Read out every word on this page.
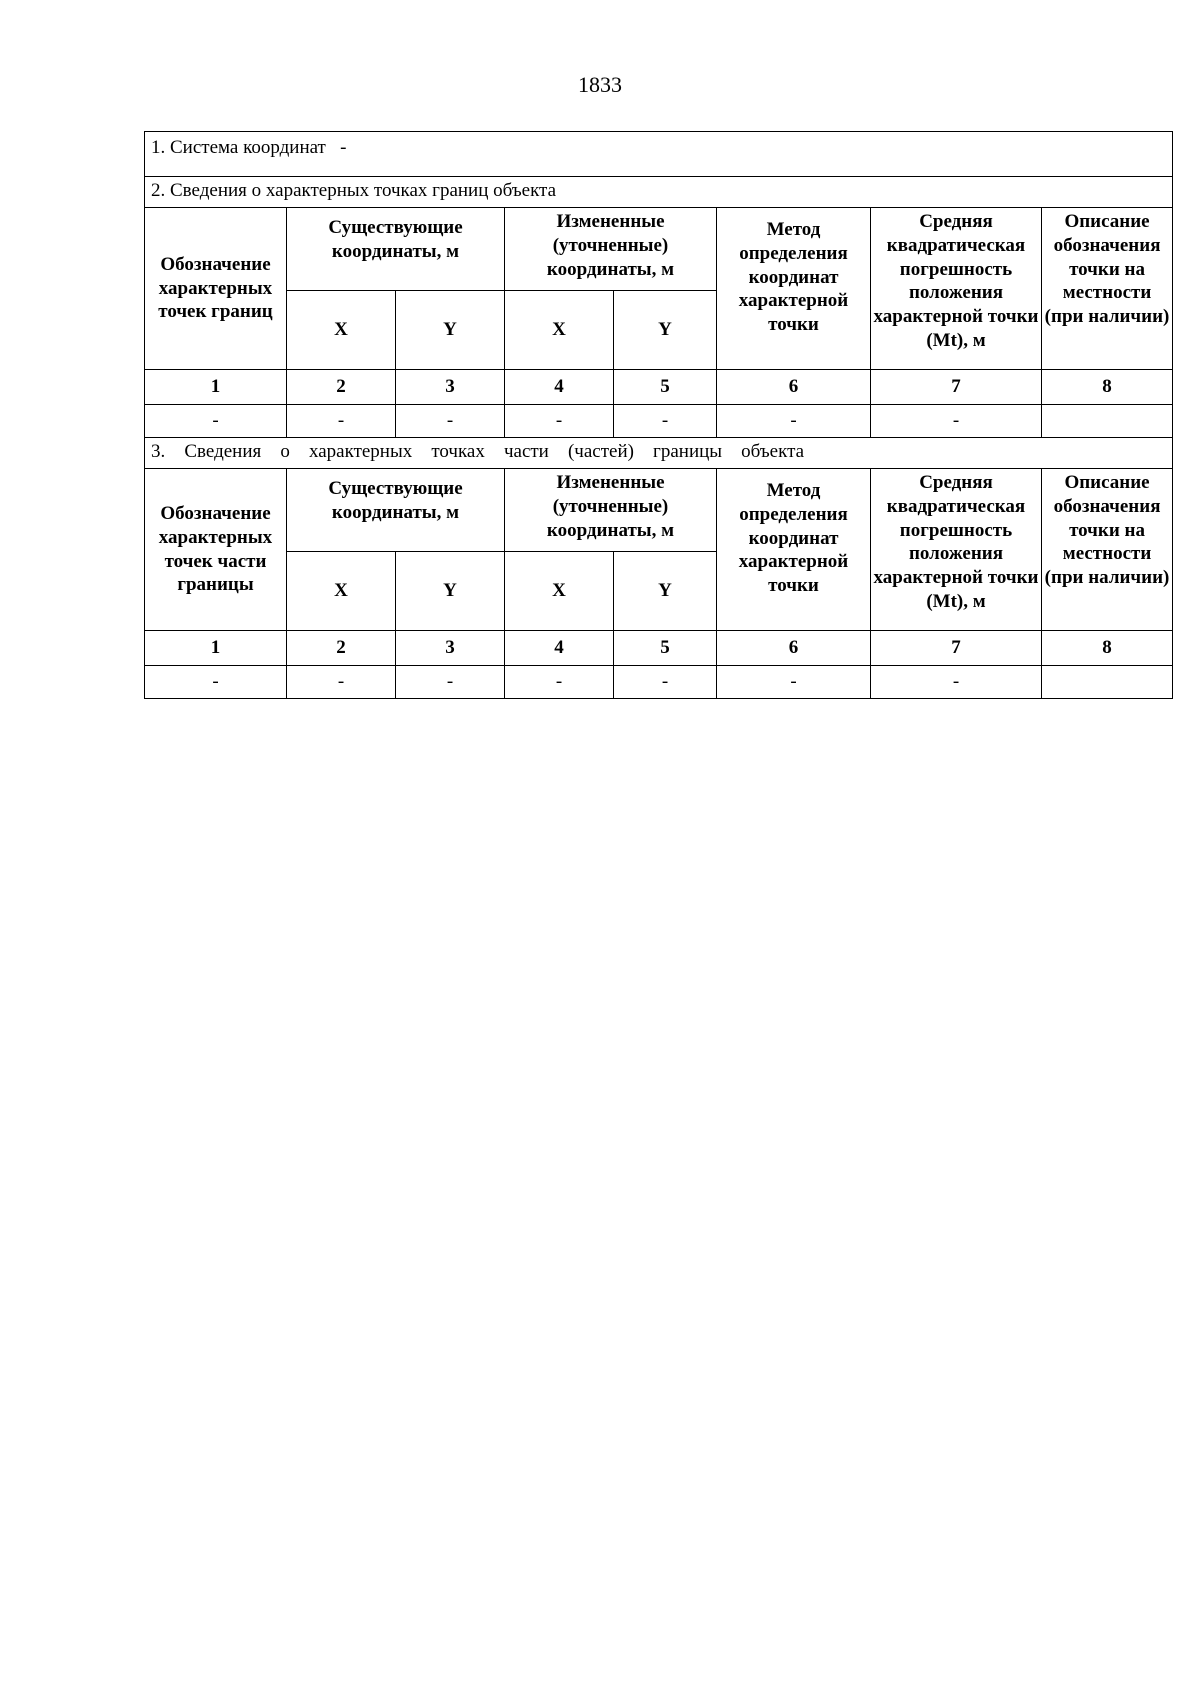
1833
1. Система координат -							
2. Сведения о характерных точках границ объекта							
Обозначение характерных точек границ	Существующие координаты, м		Измененные (уточненные) координаты, м		Метод определения координат характерной точки	Средняя квадратическая погрешность положения характерной точки (Mt), м	Описание обозначения точки на местности (при наличии)
	X	Y	X	Y			
1	2	3	4	5	6	7	8
-	-	-	-	-	-	-	
3. Сведения о характерных точках части (частей) границы объекта							
Обозначение характерных точек части границы	Существующие координаты, м		Измененные (уточненные) координаты, м		Метод определения координат характерной точки	Средняя квадратическая погрешность положения характерной точки (Mt), м	Описание обозначения точки на местности (при наличии)
	X	Y	X	Y			
1	2	3	4	5	6	7	8
-	-	-	-	-	-	-	
